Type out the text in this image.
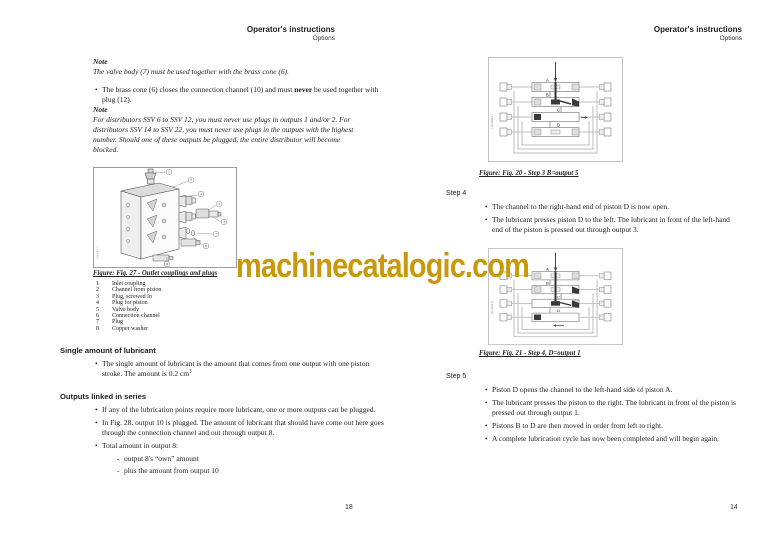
Operator's instructions
Options
Note
The valve body (7) must be used together with the brass cone (6).
• The brass cone (6) closes the connection channel (10) and must never be used together with plug (12).
Note
For distributors SSV 6 to SSV 12, you must never use plugs in outputs 1 and/or 2. For distributors SSV 14 to SSV 22, you must never use plugs in the outputs with the highest number. Should one of these outputs be plugged, the entire distributor will become blocked.
1250 0095 9
1
2
4
5
3
7
8
6
Figure: Fig. 27 - Outlet couplings and plugs
1	Inlet coupling
2	Channel from piston
3	Plug, screwed in
4	Plug for piston
5	Valve body
6	Connection channel
7	Plug
8	Copper washer
Single amount of lubricant
• The single amount of lubricant is the amount that comes from one output with one piston stroke. The amount is 0.2 $cm^3$
Outputs linked in series
• If any of the lubrication points require more lubricant, one or more outputs can be plugged.
• In Fig. 28, output 10 is plugged. The amount of lubricant that should have come out here goes through the connection channel and out through output 8.
• Total amount in output 8:
- output 8's “own” amount
- plus the amount from output 10
Operator's instructions
Options
1250 0098 11
A
B
C
D
Figure: Fig. 20 - Step 3 B=output 5
Step 4
• The channel to the right-hand end of piston D is now open.
• The lubricant presses piston D to the left. The lubricant in front of the left-hand end of the piston is pressed out through output 3.
1250 0098 12
A
B
C
D
Figure: Fig. 21 - Step 4, D=output 1
Step 5
• Piston D opens the channel to the left-hand side of piston A.
• The lubricant presses the piston to the right. The lubricant in front of the piston is pressed out through output 1.
• Pistons B to D are then moved in order from left to right.
• A complete lubrication cycle has now been completed and will begin again.
18	14
machinecatalogic.com
